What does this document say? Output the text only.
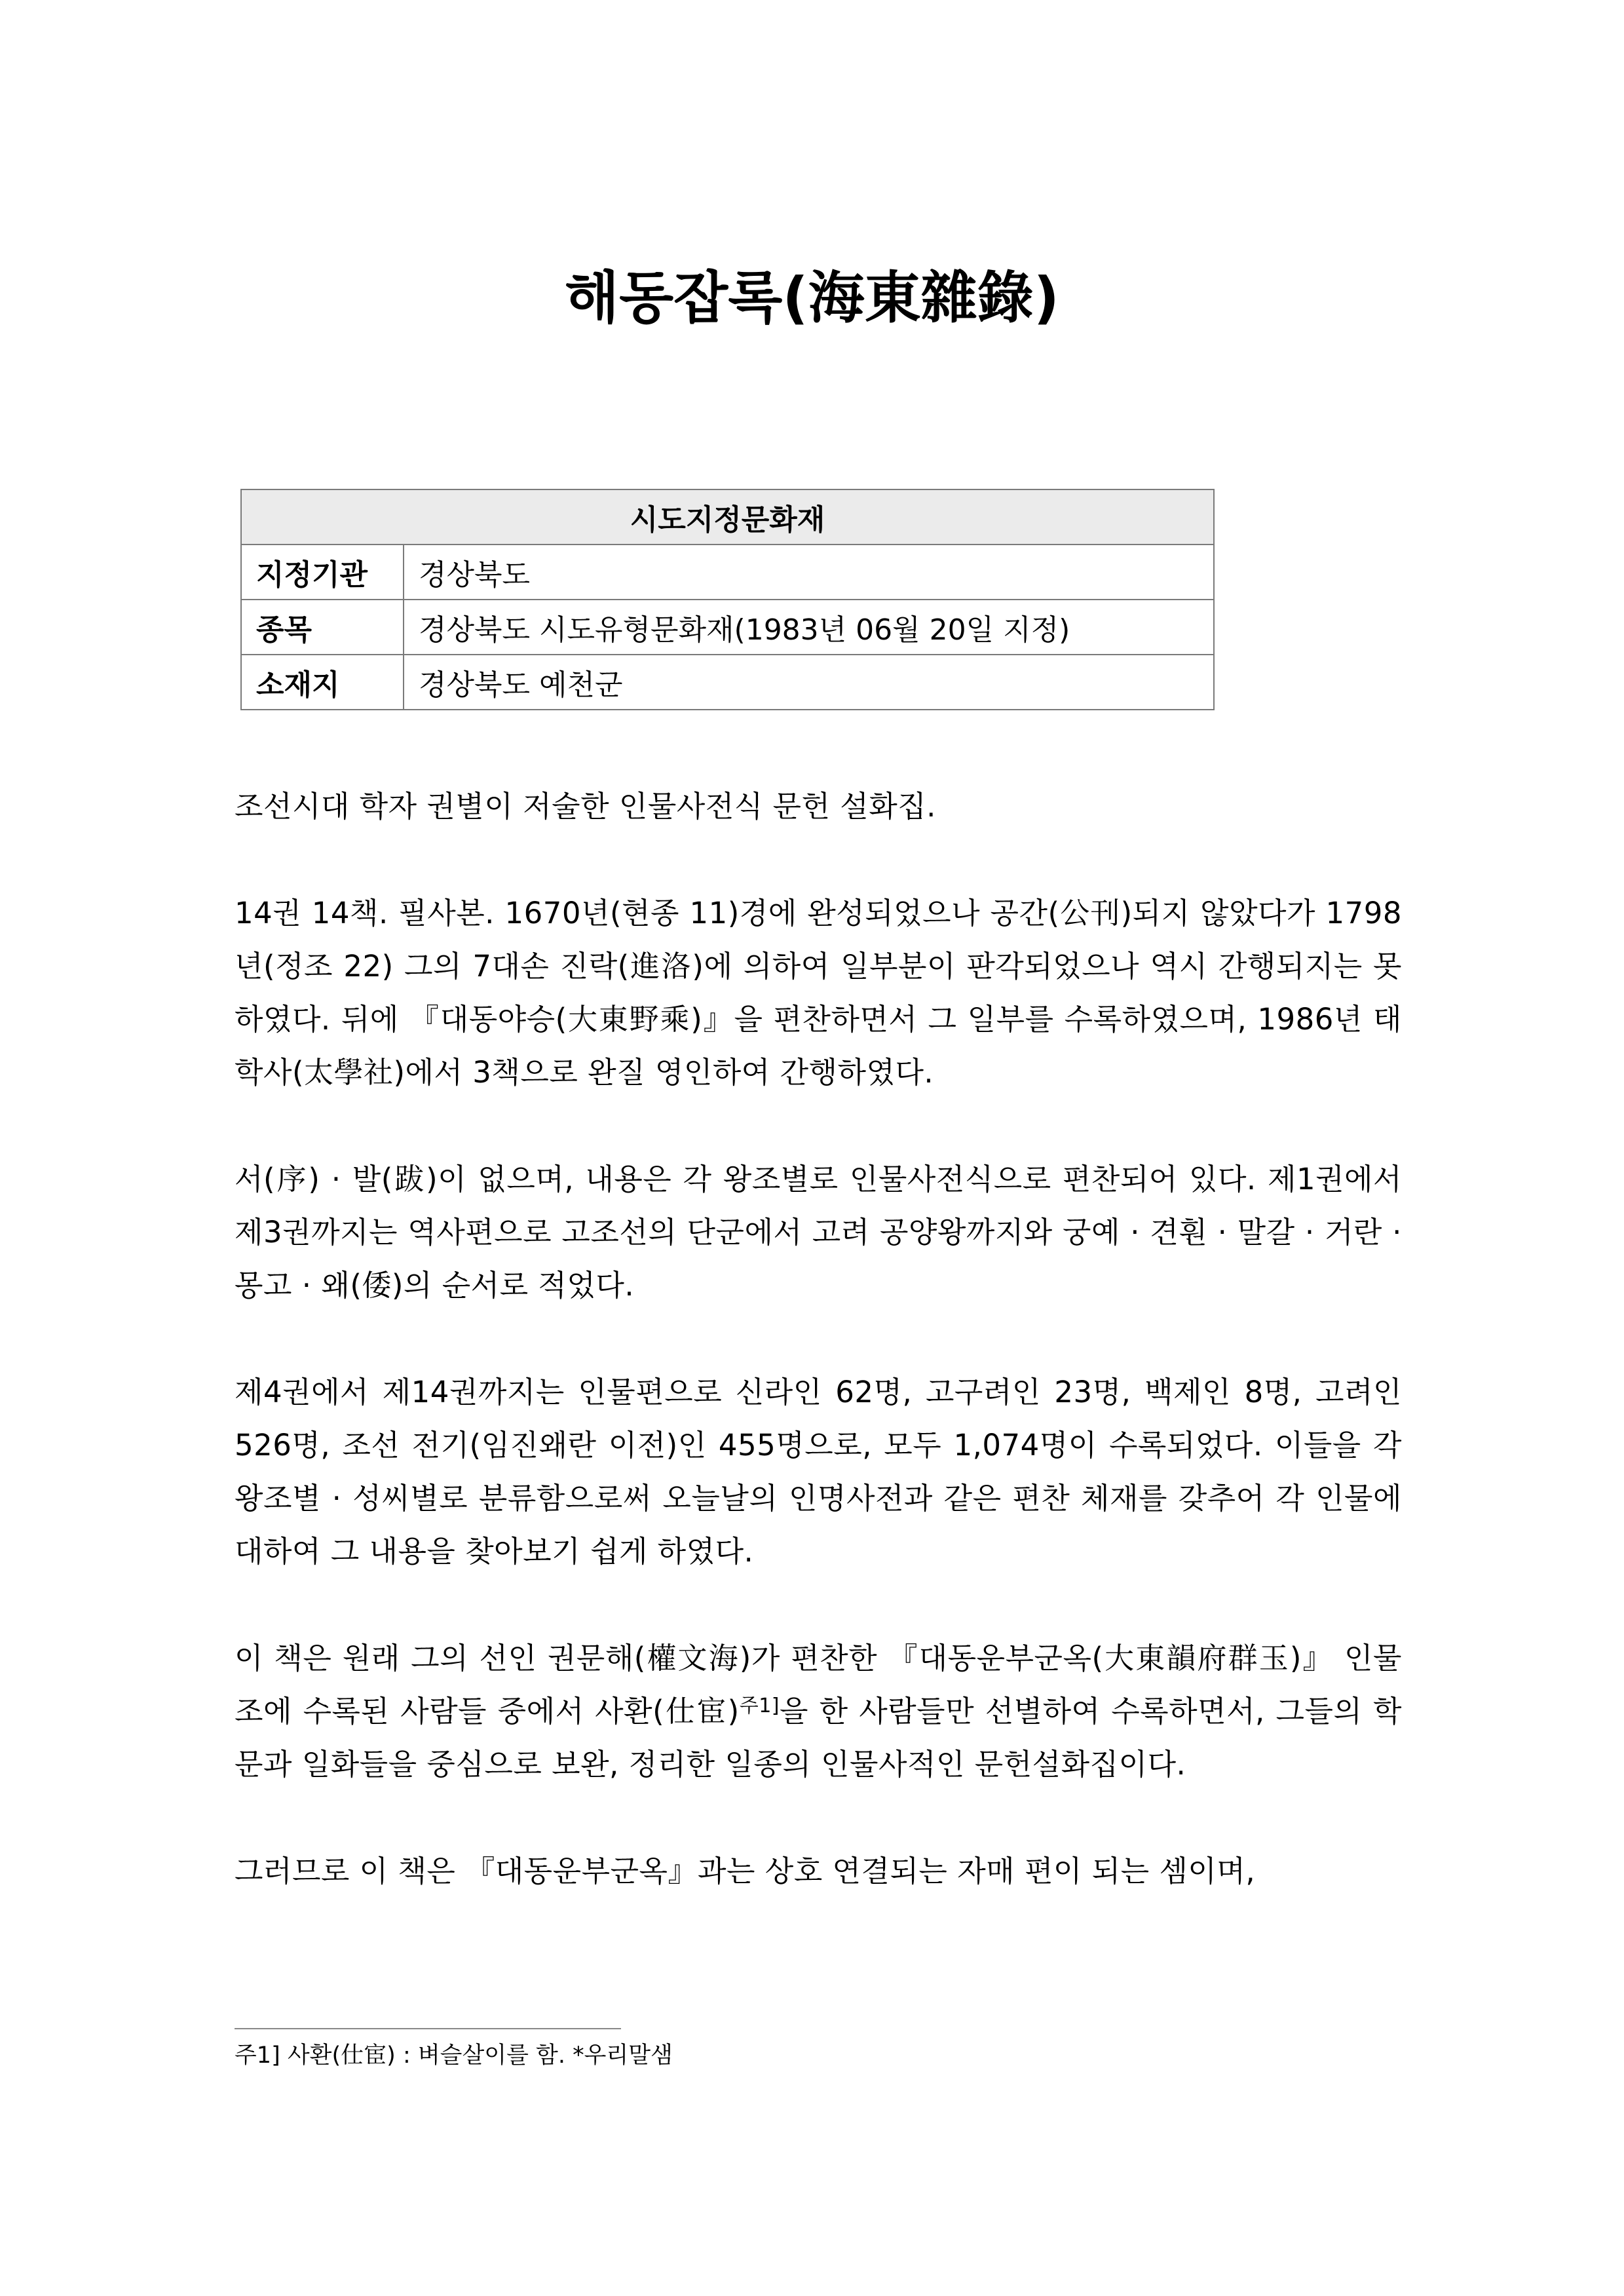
해동잡록(海東雜錄)
시도지정문화재	
지정기관	경상북도
종목	경상북도 시도유형문화재(1983년 06월 20일 지정)
소재지	경상북도 예천군

조선시대 학자 권별이 저술한 인물사전식 문헌 설화집.

14권 14책. 필사본. 1670년(현종 11)경에 완성되었으나 공간(公刊)되지 않았다가 1798년(정조 22) 그의 7대손 진락(進洛)에 의하여 일부분이 판각되었으나 역시 간행되지는 못하였다. 뒤에 『대동야승(大東野乘)』을 편찬하면서 그 일부를 수록하였으며, 1986년 태학사(太學社)에서 3책으로 완질 영인하여 간행하였다.

서(序) · 발(跋)이 없으며, 내용은 각 왕조별로 인물사전식으로 편찬되어 있다. 제1권에서 제3권까지는 역사편으로 고조선의 단군에서 고려 공양왕까지와 궁예 · 견훤 · 말갈 · 거란 · 몽고 · 왜(倭)의 순서로 적었다.

제4권에서 제14권까지는 인물편으로 신라인 62명, 고구려인 23명, 백제인 8명, 고려인 526명, 조선 전기(임진왜란 이전)인 455명으로, 모두 1,074명이 수록되었다. 이들을 각 왕조별 · 성씨별로 분류함으로써 오늘날의 인명사전과 같은 편찬 체재를 갖추어 각 인물에 대하여 그 내용을 찾아보기 쉽게 하였다.

이 책은 원래 그의 선인 권문해(權文海)가 편찬한 『대동운부군옥(大東韻府群玉)』 인물조에 수록된 사람들 중에서 사환(仕宦)$^{주1]}$을 한 사람들만 선별하여 수록하면서, 그들의 학문과 일화들을 중심으로 보완, 정리한 일종의 인물사적인 문헌설화집이다.

그러므로 이 책은 『대동운부군옥』과는 상호 연결되는 자매 편이 되는 셈이며,

주1] 사환(仕宦) : 벼슬살이를 함. *우리말샘
